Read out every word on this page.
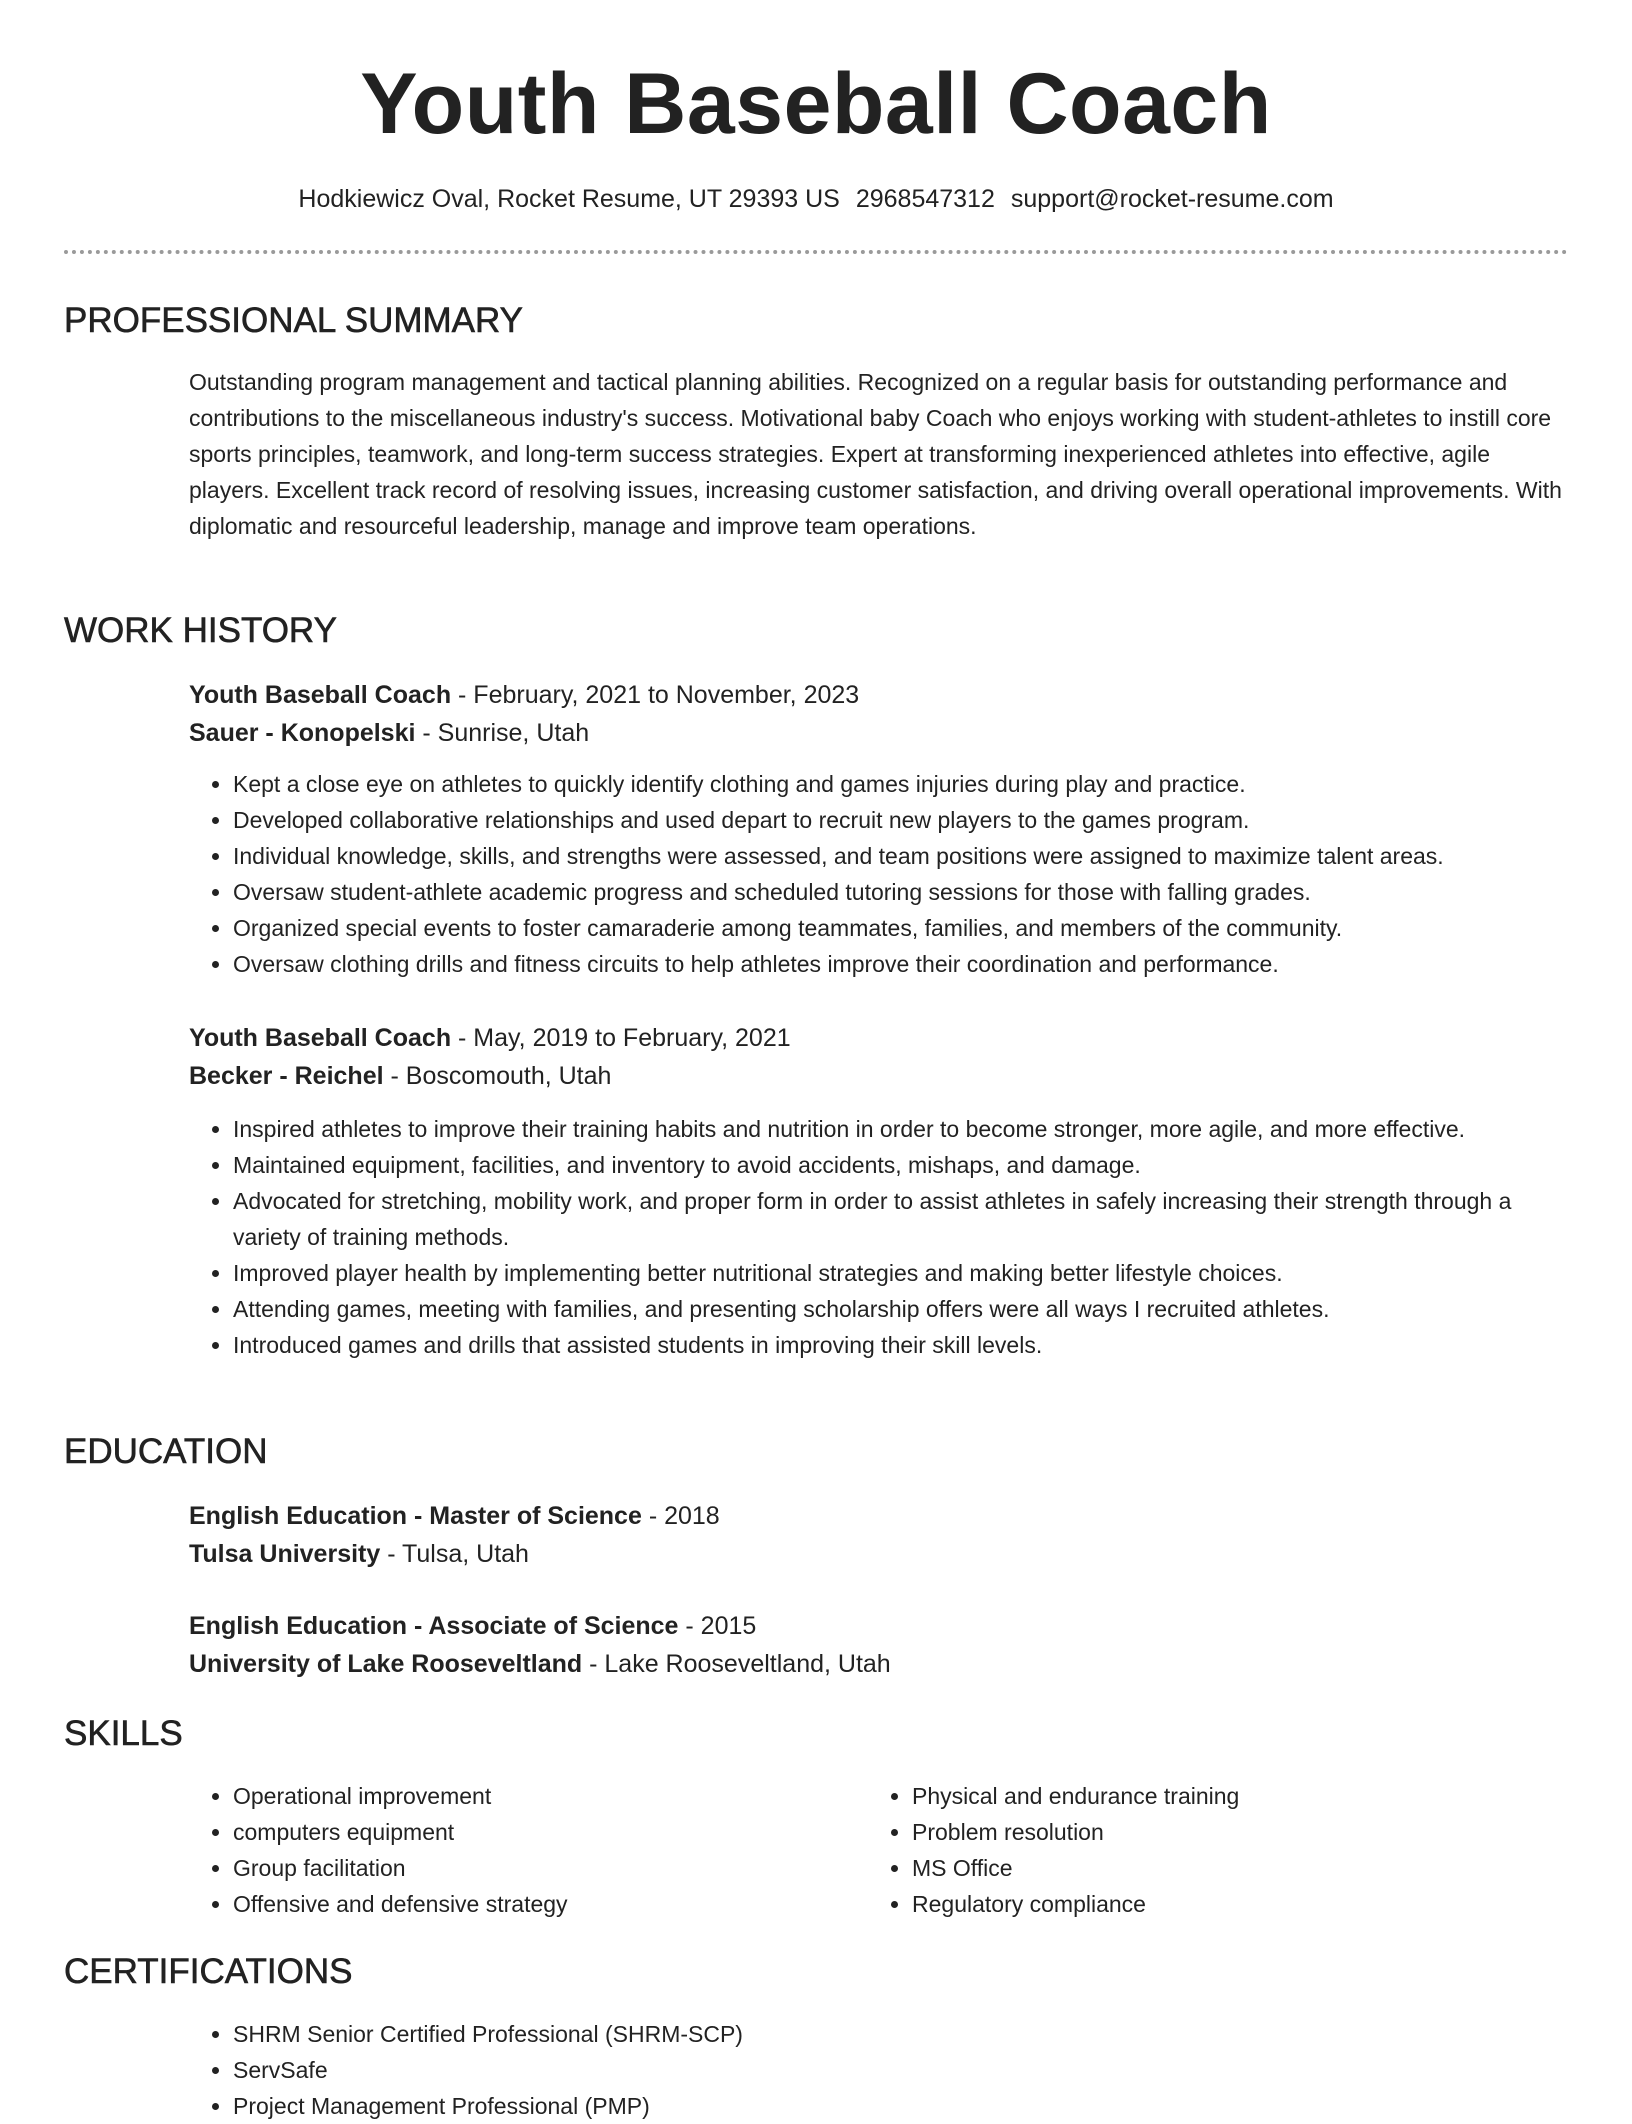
Youth Baseball Coach
Hodkiewicz Oval, Rocket Resume, UT 29393 US 2968547312 support@rocket-resume.com
PROFESSIONAL SUMMARY
Outstanding program management and tactical planning abilities. Recognized on a regular basis for outstanding performance and contributions to the miscellaneous industry's success. Motivational baby Coach who enjoys working with student-athletes to instill core sports principles, teamwork, and long-term success strategies. Expert at transforming inexperienced athletes into effective, agile players. Excellent track record of resolving issues, increasing customer satisfaction, and driving overall operational improvements. With diplomatic and resourceful leadership, manage and improve team operations.
WORK HISTORY
Youth Baseball Coach - February, 2021 to November, 2023
Sauer - Konopelski - Sunrise, Utah
• Kept a close eye on athletes to quickly identify clothing and games injuries during play and practice.
• Developed collaborative relationships and used depart to recruit new players to the games program.
• Individual knowledge, skills, and strengths were assessed, and team positions were assigned to maximize talent areas.
• Oversaw student-athlete academic progress and scheduled tutoring sessions for those with falling grades.
• Organized special events to foster camaraderie among teammates, families, and members of the community.
• Oversaw clothing drills and fitness circuits to help athletes improve their coordination and performance.
Youth Baseball Coach - May, 2019 to February, 2021
Becker - Reichel - Boscomouth, Utah
• Inspired athletes to improve their training habits and nutrition in order to become stronger, more agile, and more effective.
• Maintained equipment, facilities, and inventory to avoid accidents, mishaps, and damage.
• Advocated for stretching, mobility work, and proper form in order to assist athletes in safely increasing their strength through a variety of training methods.
• Improved player health by implementing better nutritional strategies and making better lifestyle choices.
• Attending games, meeting with families, and presenting scholarship offers were all ways I recruited athletes.
• Introduced games and drills that assisted students in improving their skill levels.
EDUCATION
English Education - Master of Science - 2018
Tulsa University - Tulsa, Utah
English Education - Associate of Science - 2015
University of Lake Rooseveltland - Lake Rooseveltland, Utah
SKILLS
• Operational improvement
• computers equipment
• Group facilitation
• Offensive and defensive strategy
• Physical and endurance training
• Problem resolution
• MS Office
• Regulatory compliance
CERTIFICATIONS
• SHRM Senior Certified Professional (SHRM-SCP)
• ServSafe
• Project Management Professional (PMP)
